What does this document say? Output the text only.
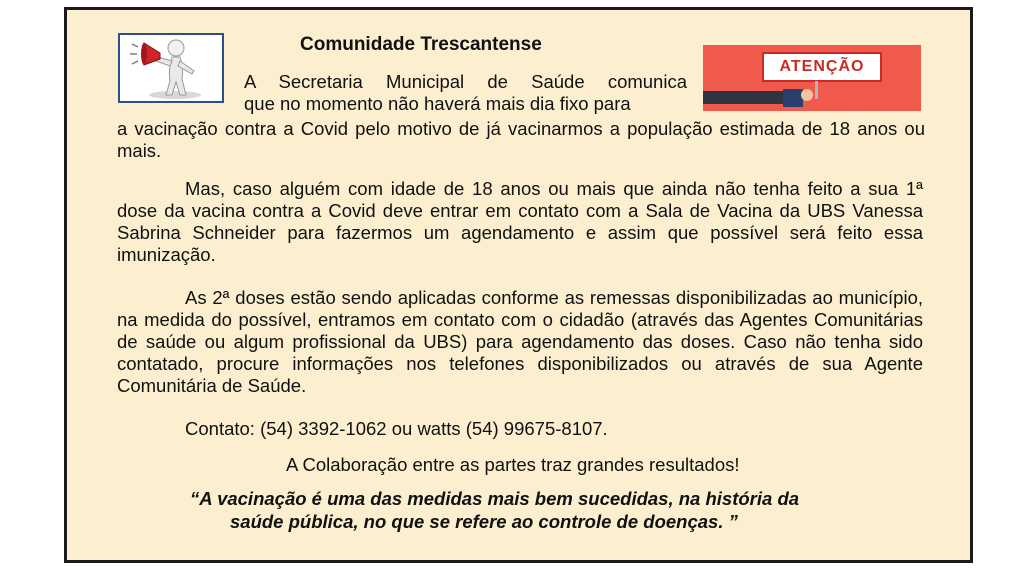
ATENÇÃO
Comunidade Trescantense
A Secretaria Municipal de Saúde comunica
que no momento não haverá mais dia fixo para
a vacinação contra a Covid pelo motivo de já vacinarmos a população estimada de 18 anos ou mais.
Mas, caso alguém com idade de 18 anos ou mais que ainda não tenha feito a sua 1ª dose da vacina contra a Covid deve entrar em contato com a Sala de Vacina da UBS Vanessa Sabrina Schneider para fazermos um agendamento e assim que possível será feito essa imunização.
As 2ª doses estão sendo aplicadas conforme as remessas disponibilizadas ao município, na medida do possível, entramos em contato com o cidadão (através das Agentes Comunitárias de saúde ou algum profissional da UBS) para agendamento das doses. Caso não tenha sido contatado, procure informações nos telefones disponibilizados ou através de sua Agente Comunitária de Saúde.
Contato: (54) 3392-1062 ou watts (54) 99675-8107.
A Colaboração entre as partes traz grandes resultados!
“A vacinação é uma das medidas mais bem sucedidas, na história da
saúde pública, no que se refere ao controle de doenças. ”
